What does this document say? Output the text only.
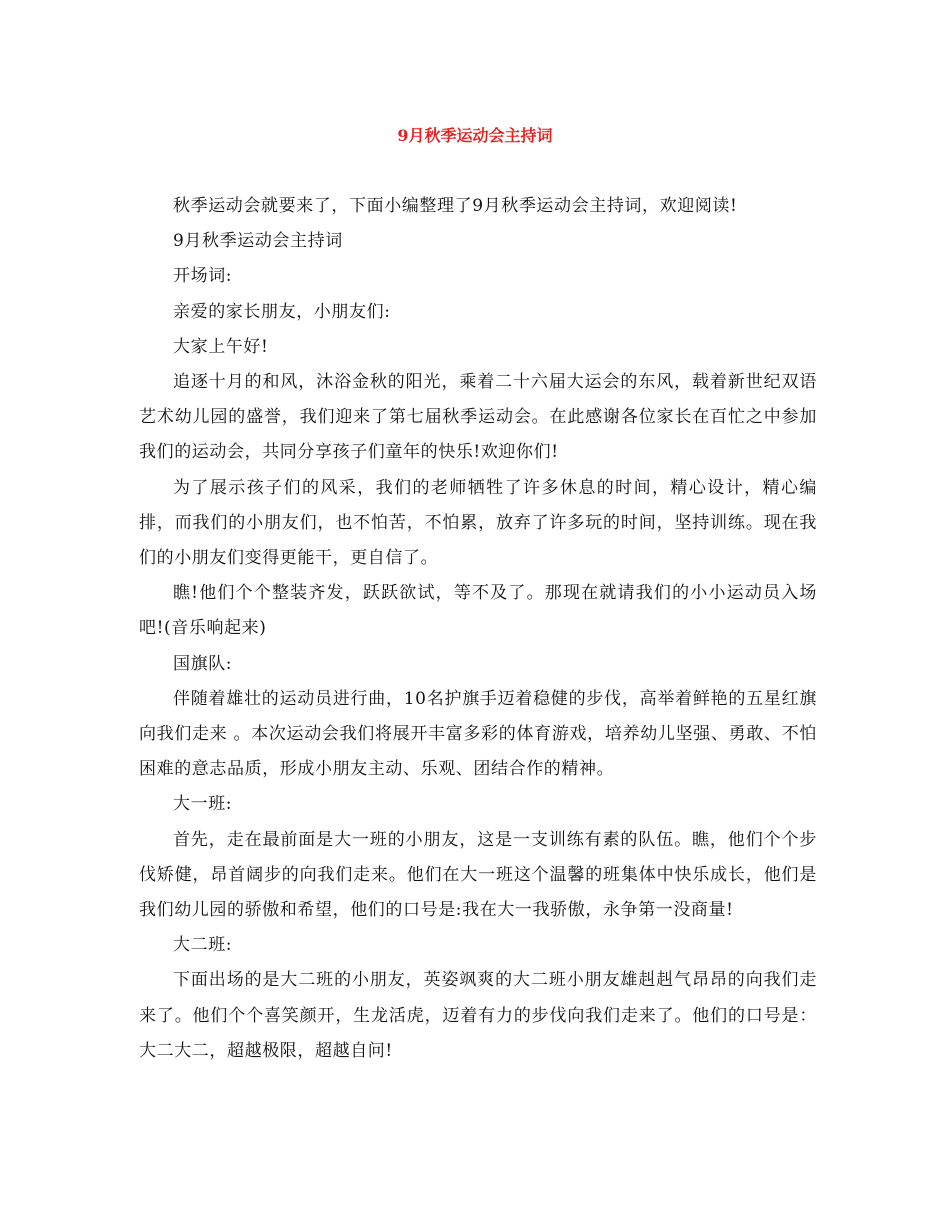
9月秋季运动会主持词

秋季运动会就要来了，下面小编整理了9月秋季运动会主持词，欢迎阅读!

9月秋季运动会主持词

开场词:

亲爱的家长朋友，小朋友们:

大家上午好!

追逐十月的和风，沐浴金秋的阳光，乘着二十六届大运会的东风，载着新世纪双语艺术幼儿园的盛誉，我们迎来了第七届秋季运动会。在此感谢各位家长在百忙之中参加我们的运动会，共同分享孩子们童年的快乐!欢迎你们!

为了展示孩子们的风采，我们的老师牺牲了许多休息的时间，精心设计，精心编排，而我们的小朋友们，也不怕苦，不怕累，放弃了许多玩的时间，坚持训练。现在我们的小朋友们变得更能干，更自信了。

瞧!他们个个整装齐发，跃跃欲试，等不及了。那现在就请我们的小小运动员入场吧!(音乐响起来)

国旗队:

伴随着雄壮的运动员进行曲，10名护旗手迈着稳健的步伐，高举着鲜艳的五星红旗向我们走来 。本次运动会我们将展开丰富多彩的体育游戏，培养幼儿坚强、勇敢、不怕困难的意志品质，形成小朋友主动、乐观、团结合作的精神。

大一班:

首先，走在最前面是大一班的小朋友，这是一支训练有素的队伍。瞧，他们个个步伐矫健，昂首阔步的向我们走来。他们在大一班这个温馨的班集体中快乐成长，他们是我们幼儿园的骄傲和希望，他们的口号是:我在大一我骄傲，永争第一没商量!

大二班:

下面出场的是大二班的小朋友，英姿飒爽的大二班小朋友雄赳赳气昂昂的向我们走来了。他们个个喜笑颜开，生龙活虎，迈着有力的步伐向我们走来了。他们的口号是：大二大二，超越极限，超越自问!
